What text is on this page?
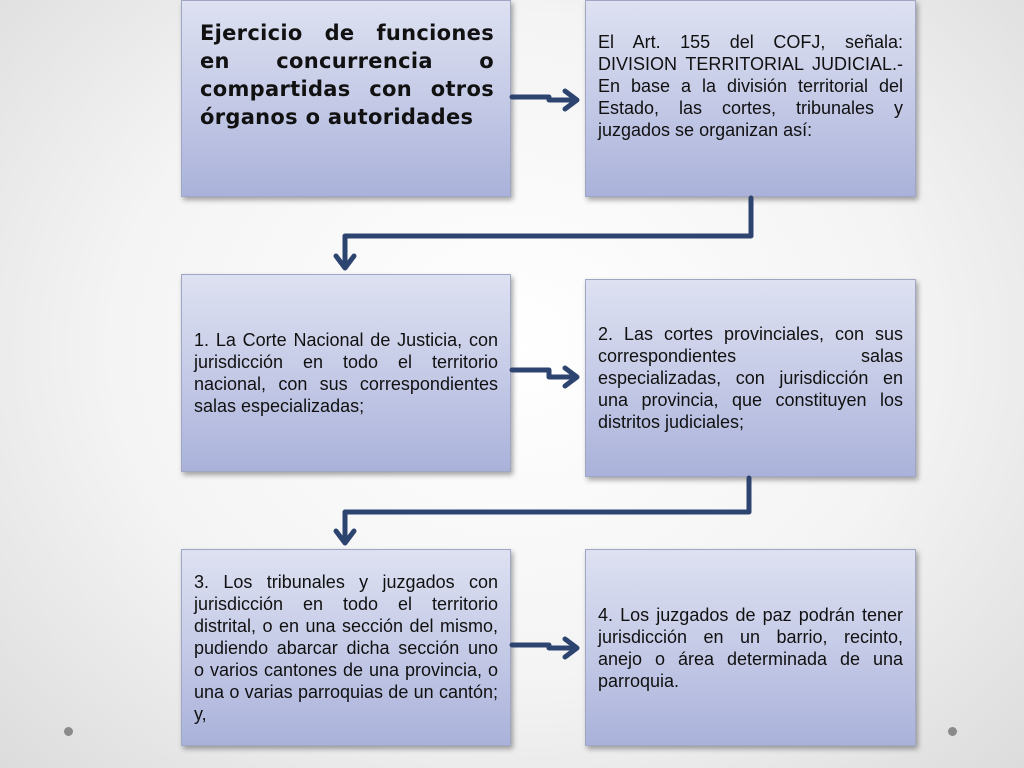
Ejercicio de funciones en concurrencia o compartidas con otros órganos o autoridades
El Art. 155 del COFJ, señala: DIVISION TERRITORIAL JUDICIAL.- En base a la división territorial del Estado, las cortes, tribunales y juzgados se organizan así:
1. La Corte Nacional de Justicia, con jurisdicción en todo el territorio nacional, con sus correspondientes salas especializadas;
2. Las cortes provinciales, con sus correspondientes salas especializadas, con jurisdicción en una provincia, que constituyen los distritos judiciales;
3. Los tribunales y juzgados con jurisdicción en todo el territorio distrital, o en una sección del mismo, pudiendo abarcar dicha sección uno o varios cantones de una provincia, o una o varias parroquias de un cantón; y,
4. Los juzgados de paz podrán tener jurisdicción en un barrio, recinto, anejo o área determinada de una parroquia.
